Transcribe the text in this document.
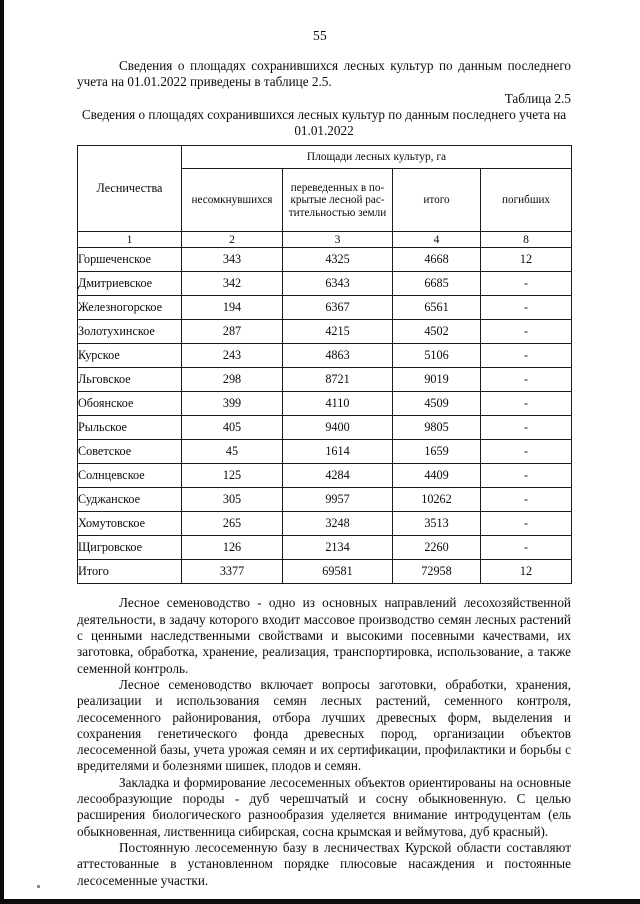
55

Сведения о площадях сохранившихся лесных культур по данным последнего учета на 01.01.2022 приведены в таблице 2.5.

Таблица 2.5

Сведения о площадях сохранившихся лесных культур по данным последнего учета на 01.01.2022

Лесничества	Площади лесных культур, га			
	несомкнувшихся	переведенных в по-крытые лесной рас-тительностью земли	итого	погибших
1	2	3	4	8
Горшеченское	343	4325	4668	12
Дмитриевское	342	6343	6685	-
Железногорское	194	6367	6561	-
Золотухинское	287	4215	4502	-
Курское	243	4863	5106	-
Льговское	298	8721	9019	-
Обоянское	399	4110	4509	-
Рыльское	405	9400	9805	-
Советское	45	1614	1659	-
Солнцевское	125	4284	4409	-
Суджанское	305	9957	10262	-
Хомутовское	265	3248	3513	-
Щигровское	126	2134	2260	-
Итого	3377	69581	72958	12

Лесное семеноводство - одно из основных направлений лесохозяйственной деятельности, в задачу которого входит массовое производство семян лесных растений с ценными наследственными свойствами и высокими посевными качествами, их заготовка, обработка, хранение, реализация, транспортировка, использование, а также семенной контроль.

Лесное семеноводство включает вопросы заготовки, обработки, хранения, реализации и использования семян лесных растений, семенного контроля, лесосеменного районирования, отбора лучших древесных форм, выделения и сохранения генетического фонда древесных пород, организации объектов лесосеменной базы, учета урожая семян и их сертификации, профилактики и борьбы с вредителями и болезнями шишек, плодов и семян.

Закладка и формирование лесосеменных объектов ориентированы на основные лесообразующие породы - дуб черешчатый и сосну обыкновенную. С целью расширения биологического разнообразия уделяется внимание интродуцентам (ель обыкновенная, лиственница сибирская, сосна крымская и веймутова, дуб красный).

Постоянную лесосеменную базу в лесничествах Курской области составляют аттестованные в установленном порядке плюсовые насаждения и постоянные лесосеменные участки.
